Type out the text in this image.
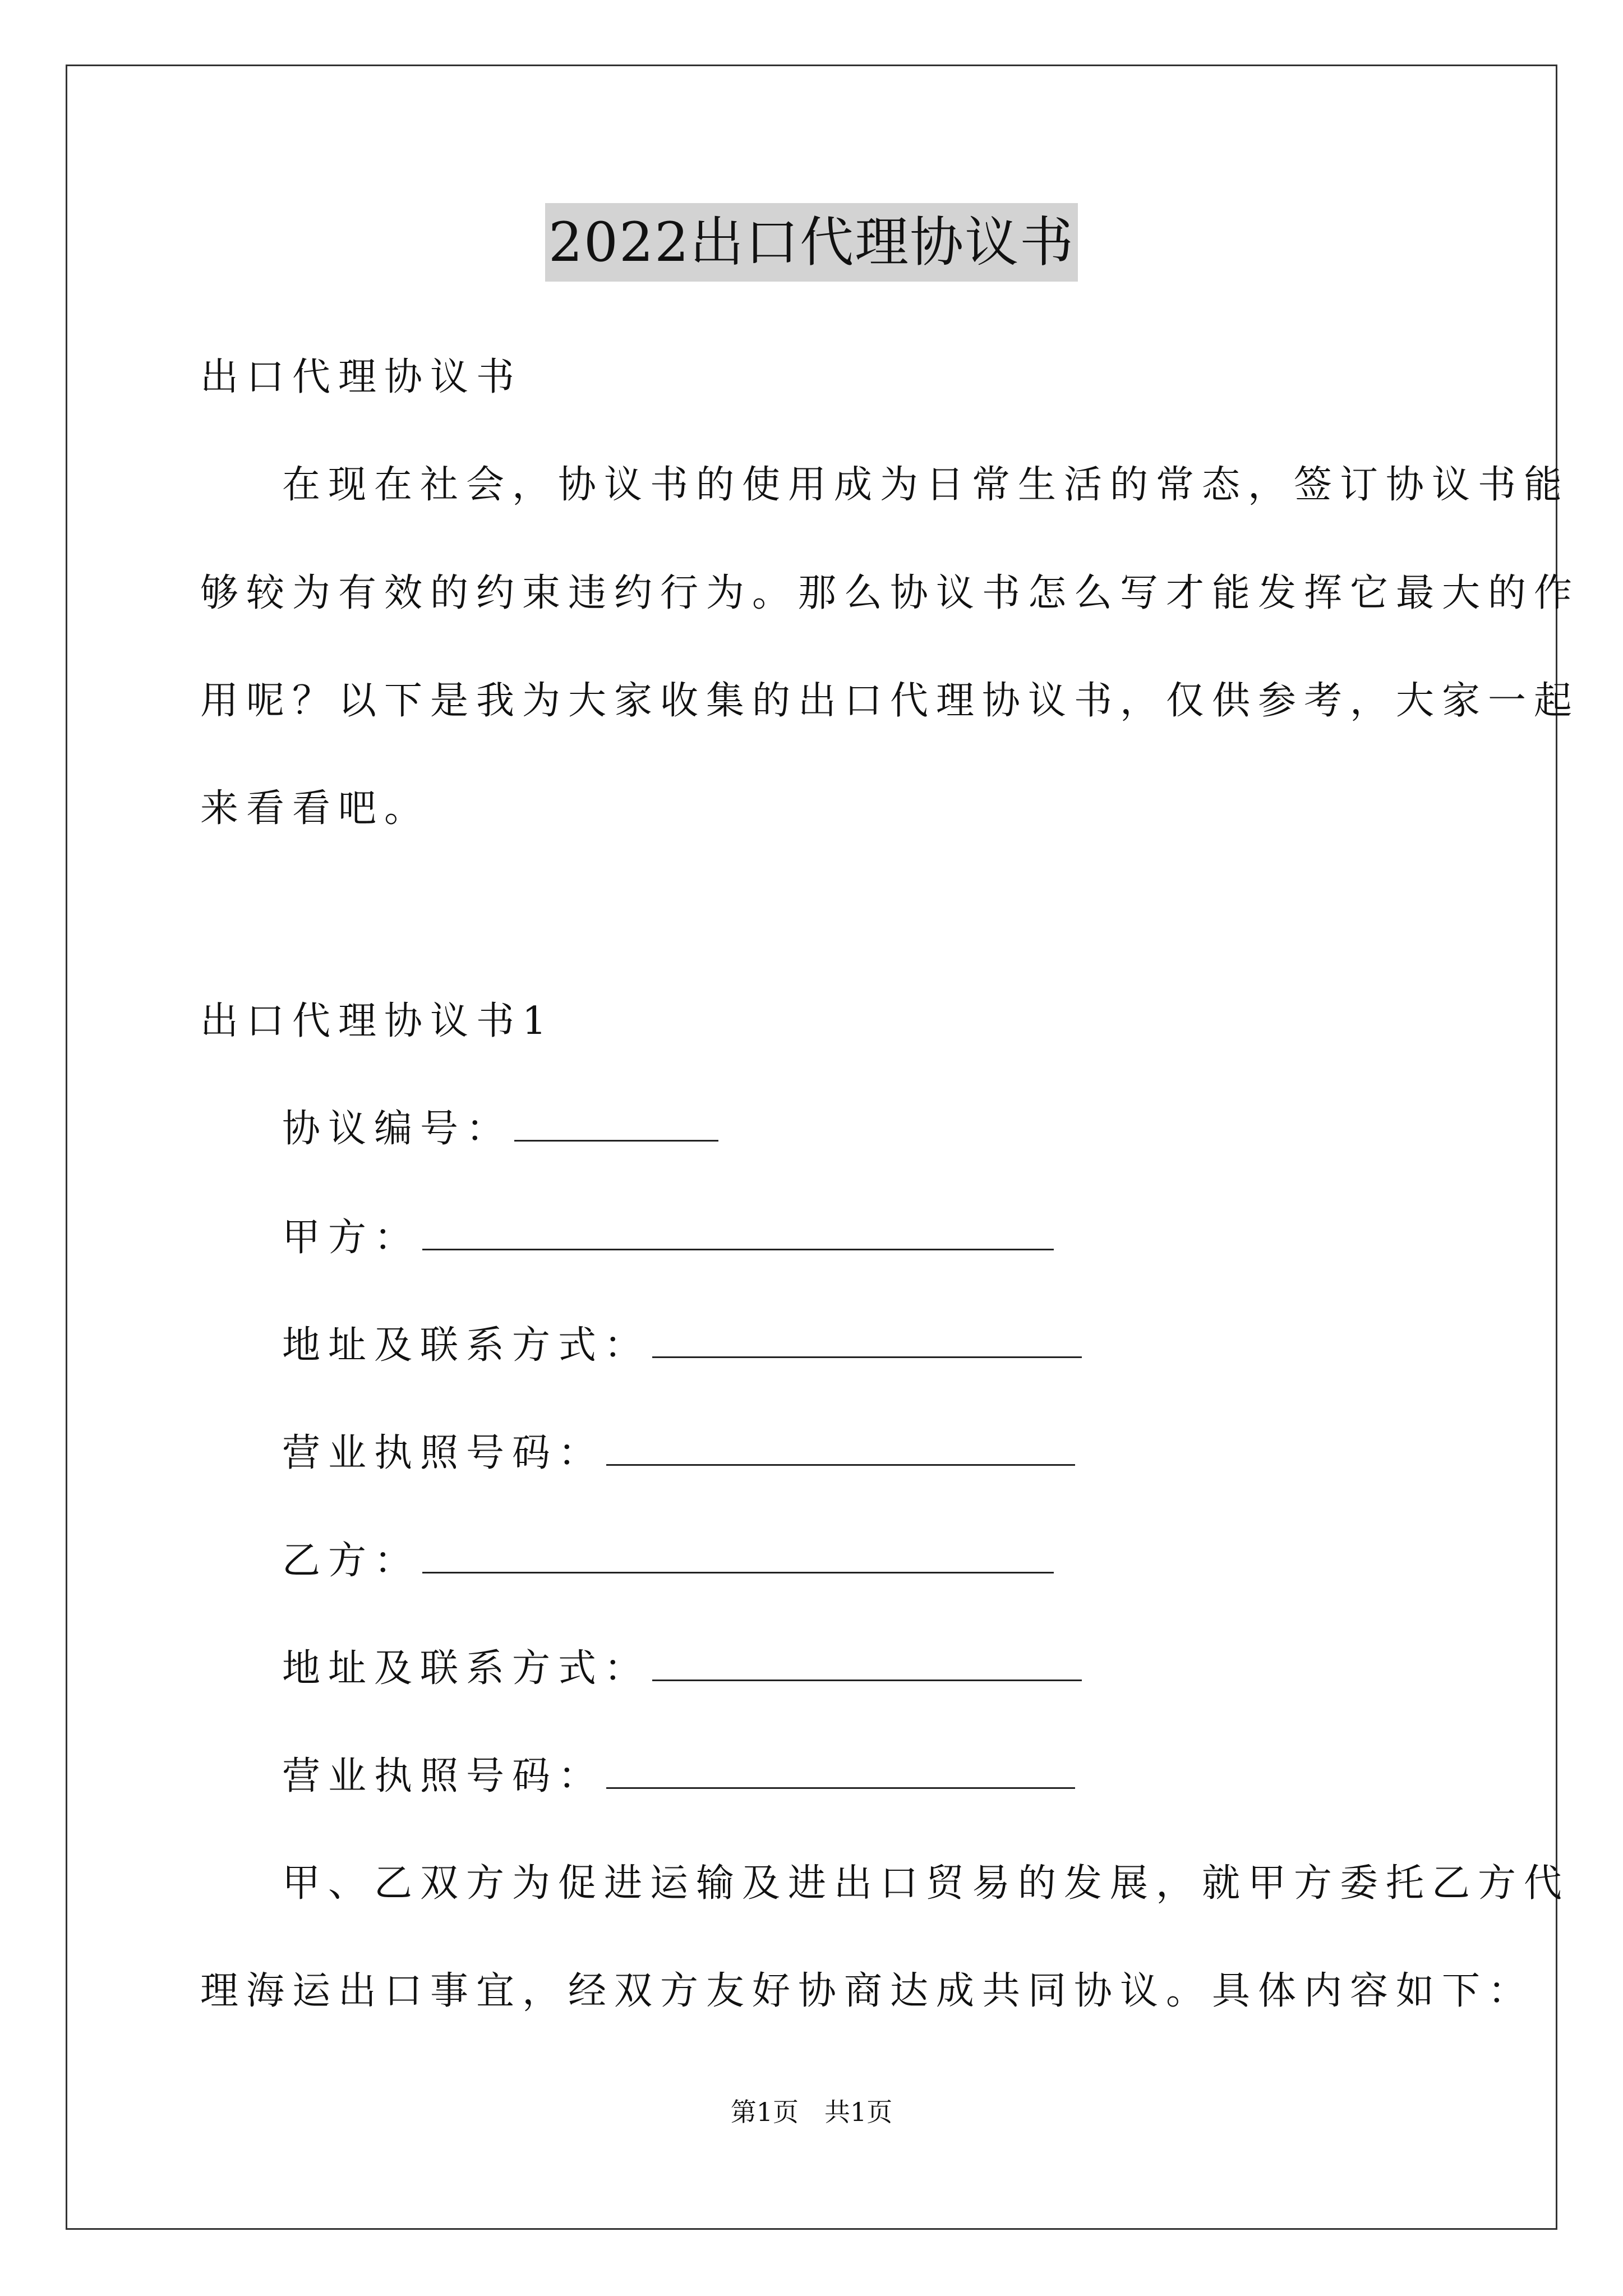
2022出口代理协议书
出口代理协议书
在现在社会，协议书的使用成为日常生活的常态，签订协议书能
够较为有效的约束违约行为。那么协议书怎么写才能发挥它最大的作
用呢？以下是我为大家收集的出口代理协议书，仅供参考，大家一起
来看看吧。
出口代理协议书1
协议编号：
甲方：
地址及联系方式：
营业执照号码：
乙方：
地址及联系方式：
营业执照号码：
甲、乙双方为促进运输及进出口贸易的发展，就甲方委托乙方代
理海运出口事宜，经双方友好协商达成共同协议。具体内容如下：
第1页　共1页
